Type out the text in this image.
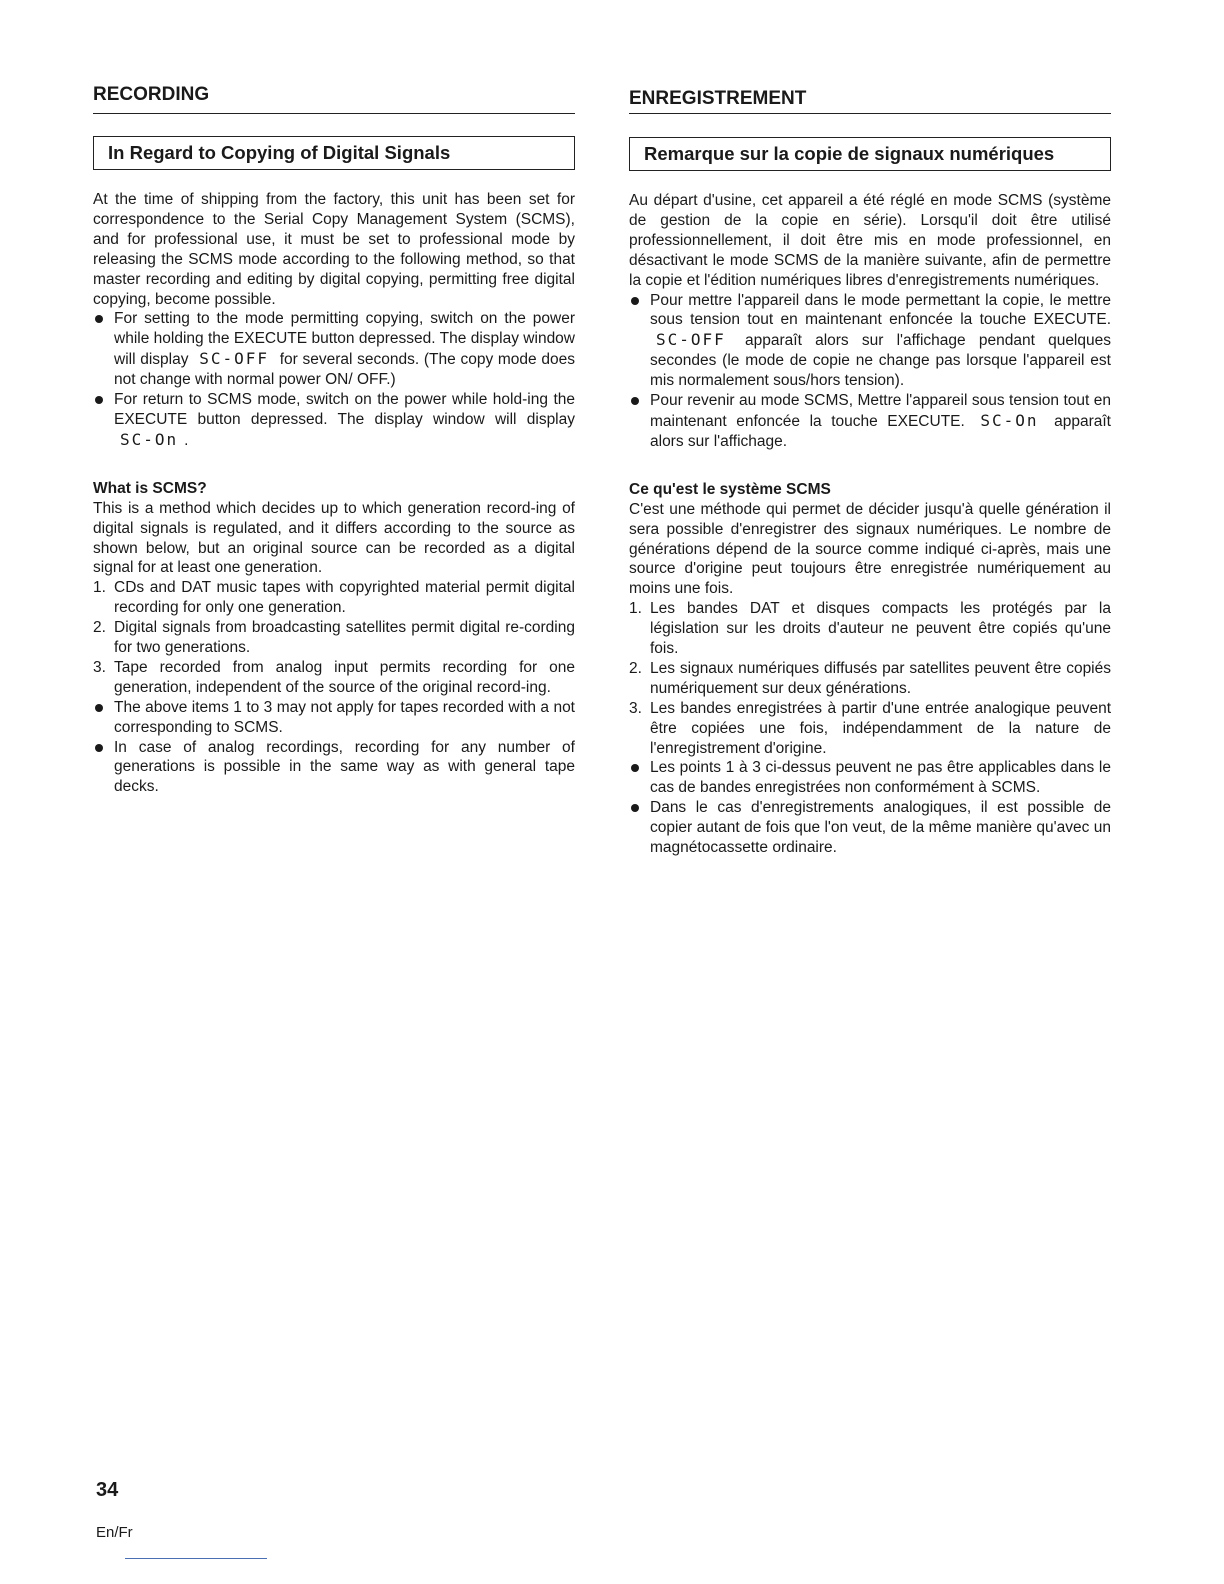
RECORDING
In Regard to Copying of Digital Signals

At the time of shipping from the factory, this unit has been set for correspondence to the Serial Copy Management System (SCMS), and for professional use, it must be set to professional mode by releasing the SCMS mode according to the following method, so that master recording and editing by digital copying, permitting free digital copying, become possible.

For setting to the mode permitting copying, switch on the power while holding the EXECUTE button depressed. The display window will display SC-OFF for several seconds. (The copy mode does not change with normal power ON/ OFF.)
For return to SCMS mode, switch on the power while hold-ing the EXECUTE button depressed. The display window will display SC-On .
What is SCMS?

This is a method which decides up to which generation record-ing of digital signals is regulated, and it differs according to the source as shown below, but an original source can be recorded as a digital signal for at least one generation.

1. CDs and DAT music tapes with copyrighted material permit digital recording for only one generation.
2. Digital signals from broadcasting satellites permit digital re-cording for two generations.
3. Tape recorded from analog input permits recording for one generation, independent of the source of the original record-ing.
The above items 1 to 3 may not apply for tapes recorded with a not corresponding to SCMS.
In case of analog recordings, recording for any number of generations is possible in the same way as with general tape decks.
ENREGISTREMENT
Remarque sur la copie de signaux numériques

Au départ d'usine, cet appareil a été réglé en mode SCMS (système de gestion de la copie en série). Lorsqu'il doit être utilisé professionnellement, il doit être mis en mode professionnel, en désactivant le mode SCMS de la manière suivante, afin de permettre la copie et l'édition numériques libres d'enregistrements numériques.

Pour mettre l'appareil dans le mode permettant la copie, le mettre sous tension tout en maintenant enfoncée la touche EXECUTE. SC-OFF apparaît alors sur l'affichage pendant quelques secondes (le mode de copie ne change pas lorsque l'appareil est mis normalement sous/hors tension).
Pour revenir au mode SCMS, Mettre l'appareil sous tension tout en maintenant enfoncée la touche EXECUTE. SC-On apparaît alors sur l'affichage.
Ce qu'est le système SCMS

C'est une méthode qui permet de décider jusqu'à quelle génération il sera possible d'enregistrer des signaux numériques. Le nombre de générations dépend de la source comme indiqué ci-après, mais une source d'origine peut toujours être enregistrée numériquement au moins une fois.

1. Les bandes DAT et disques compacts les protégés par la législation sur les droits d'auteur ne peuvent être copiés qu'une fois.
2. Les signaux numériques diffusés par satellites peuvent être copiés numériquement sur deux générations.
3. Les bandes enregistrées à partir d'une entrée analogique peuvent être copiées une fois, indépendamment de la nature de l'enregistrement d'origine.
Les points 1 à 3 ci-dessus peuvent ne pas être applicables dans le cas de bandes enregistrées non conformément à SCMS.
Dans le cas d'enregistrements analogiques, il est possible de copier autant de fois que l'on veut, de la même manière qu'avec un magnétocassette ordinaire.
34
En/Fr
